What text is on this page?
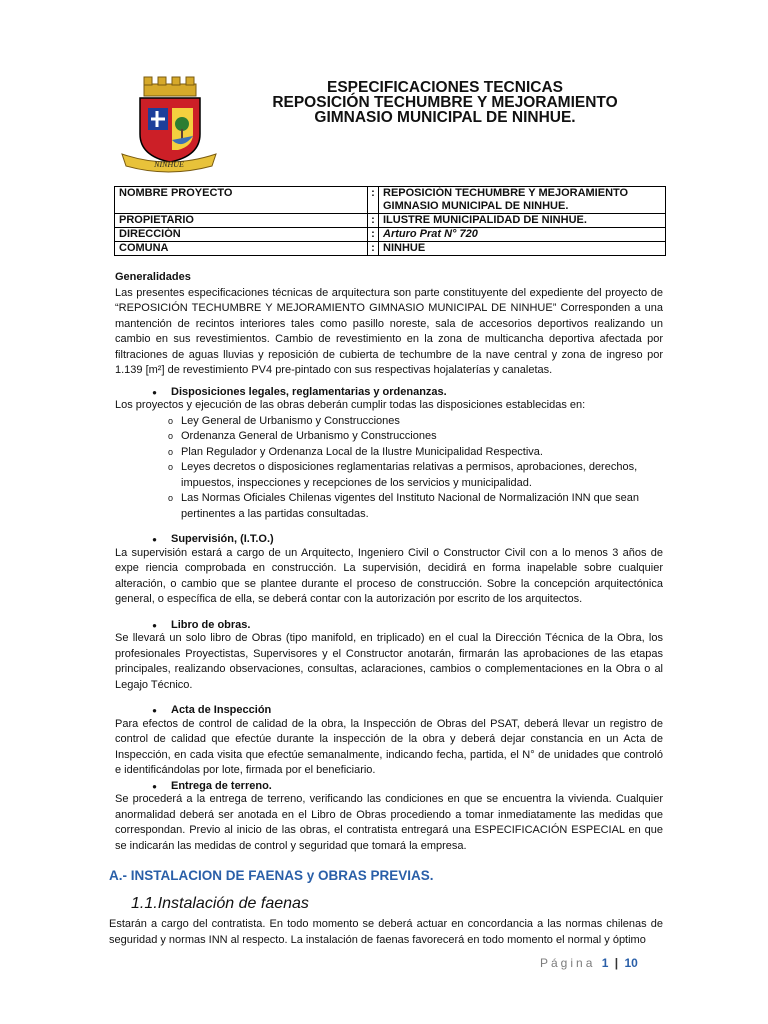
NINHUE
ESPECIFICACIONES TECNICAS
REPOSICIÓN TECHUMBRE Y MEJORAMIENTO
GIMNASIO MUNICIPAL DE NINHUE.
NOMBRE PROYECTO	:	REPOSICIÓN TECHUMBRE Y MEJORAMIENTO GIMNASIO MUNICIPAL DE NINHUE.
PROPIETARIO	:	ILUSTRE MUNICIPALIDAD DE NINHUE.
DIRECCIÓN	:	Arturo Prat N° 720
COMUNA	:	NINHUE
Generalidades

Las presentes especificaciones técnicas de arquitectura son parte constituyente del expediente del proyecto de “REPOSICIÓN TECHUMBRE Y MEJORAMIENTO GIMNASIO MUNICIPAL DE NINHUE” Corresponden a una mantención de recintos interiores tales como pasillo noreste, sala de accesorios deportivos realizando un cambio en sus revestimientos. Cambio de revestimiento en la zona de multicancha deportiva afectada por filtraciones de aguas lluvias y reposición de cubierta de techumbre de la nave central y zona de ingreso por 1.139 [m²] de revestimiento PV4 pre-pintado con sus respectivas hojalaterías y canaletas.

●	Disposiciones legales, reglamentarias y ordenanzas.

Los proyectos y ejecución de las obras deberán cumplir todas las disposiciones establecidas en:

o Ley General de Urbanismo y Construcciones
o Ordenanza General de Urbanismo y Construcciones
o Plan Regulador y Ordenanza Local de la Ilustre Municipalidad Respectiva.
o Leyes decretos o disposiciones reglamentarias relativas a permisos, aprobaciones, derechos, impuestos, inspecciones y recepciones de los servicios y municipalidad.
o Las Normas Oficiales Chilenas vigentes del Instituto Nacional de Normalización INN que sean pertinentes a las partidas consultadas.
●	Supervisión, (I.T.O.)

La supervisión estará a cargo de un Arquitecto, Ingeniero Civil o Constructor Civil con a lo menos 3 años de expe riencia comprobada en construcción. La supervisión, decidirá en forma inapelable sobre cualquier alteración, o cambio que se plantee durante el proceso de construcción. Sobre la concepción arquitectónica general, o específica de ella, se deberá contar con la autorización por escrito de los arquitectos.

●	Libro de obras.

Se llevará un solo libro de Obras (tipo manifold, en triplicado) en el cual la Dirección Técnica de la Obra, los profesionales Proyectistas, Supervisores y el Constructor anotarán, firmarán las aprobaciones de las etapas principales, realizando observaciones, consultas, aclaraciones, cambios o complementaciones en la Obra o al Legajo Técnico.

●	Acta de Inspección

Para efectos de control de calidad de la obra, la Inspección de Obras del PSAT, deberá llevar un registro de control de calidad que efectúe durante la inspección de la obra y deberá dejar constancia en un Acta de Inspección, en cada visita que efectúe semanalmente, indicando fecha, partida, el N° de unidades que controló e identificándolas por lote, firmada por el beneficiario.

●	Entrega de terreno.

Se procederá a la entrega de terreno, verificando las condiciones en que se encuentra la vivienda. Cualquier anormalidad deberá ser anotada en el Libro de Obras procediendo a tomar inmediatamente las medidas que correspondan. Previo al inicio de las obras, el contratista entregará una ESPECIFICACIÓN ESPECIAL en que se indicarán las medidas de control y seguridad que tomará la empresa.

A.- INSTALACION DE FAENAS y OBRAS PREVIAS.
1.1.Instalación de faenas

Estarán a cargo del contratista. En todo momento se deberá actuar en concordancia a las normas chilenas de seguridad y normas INN al respecto. La instalación de faenas favorecerá en todo momento el normal y óptimo

Página 1 | 10
